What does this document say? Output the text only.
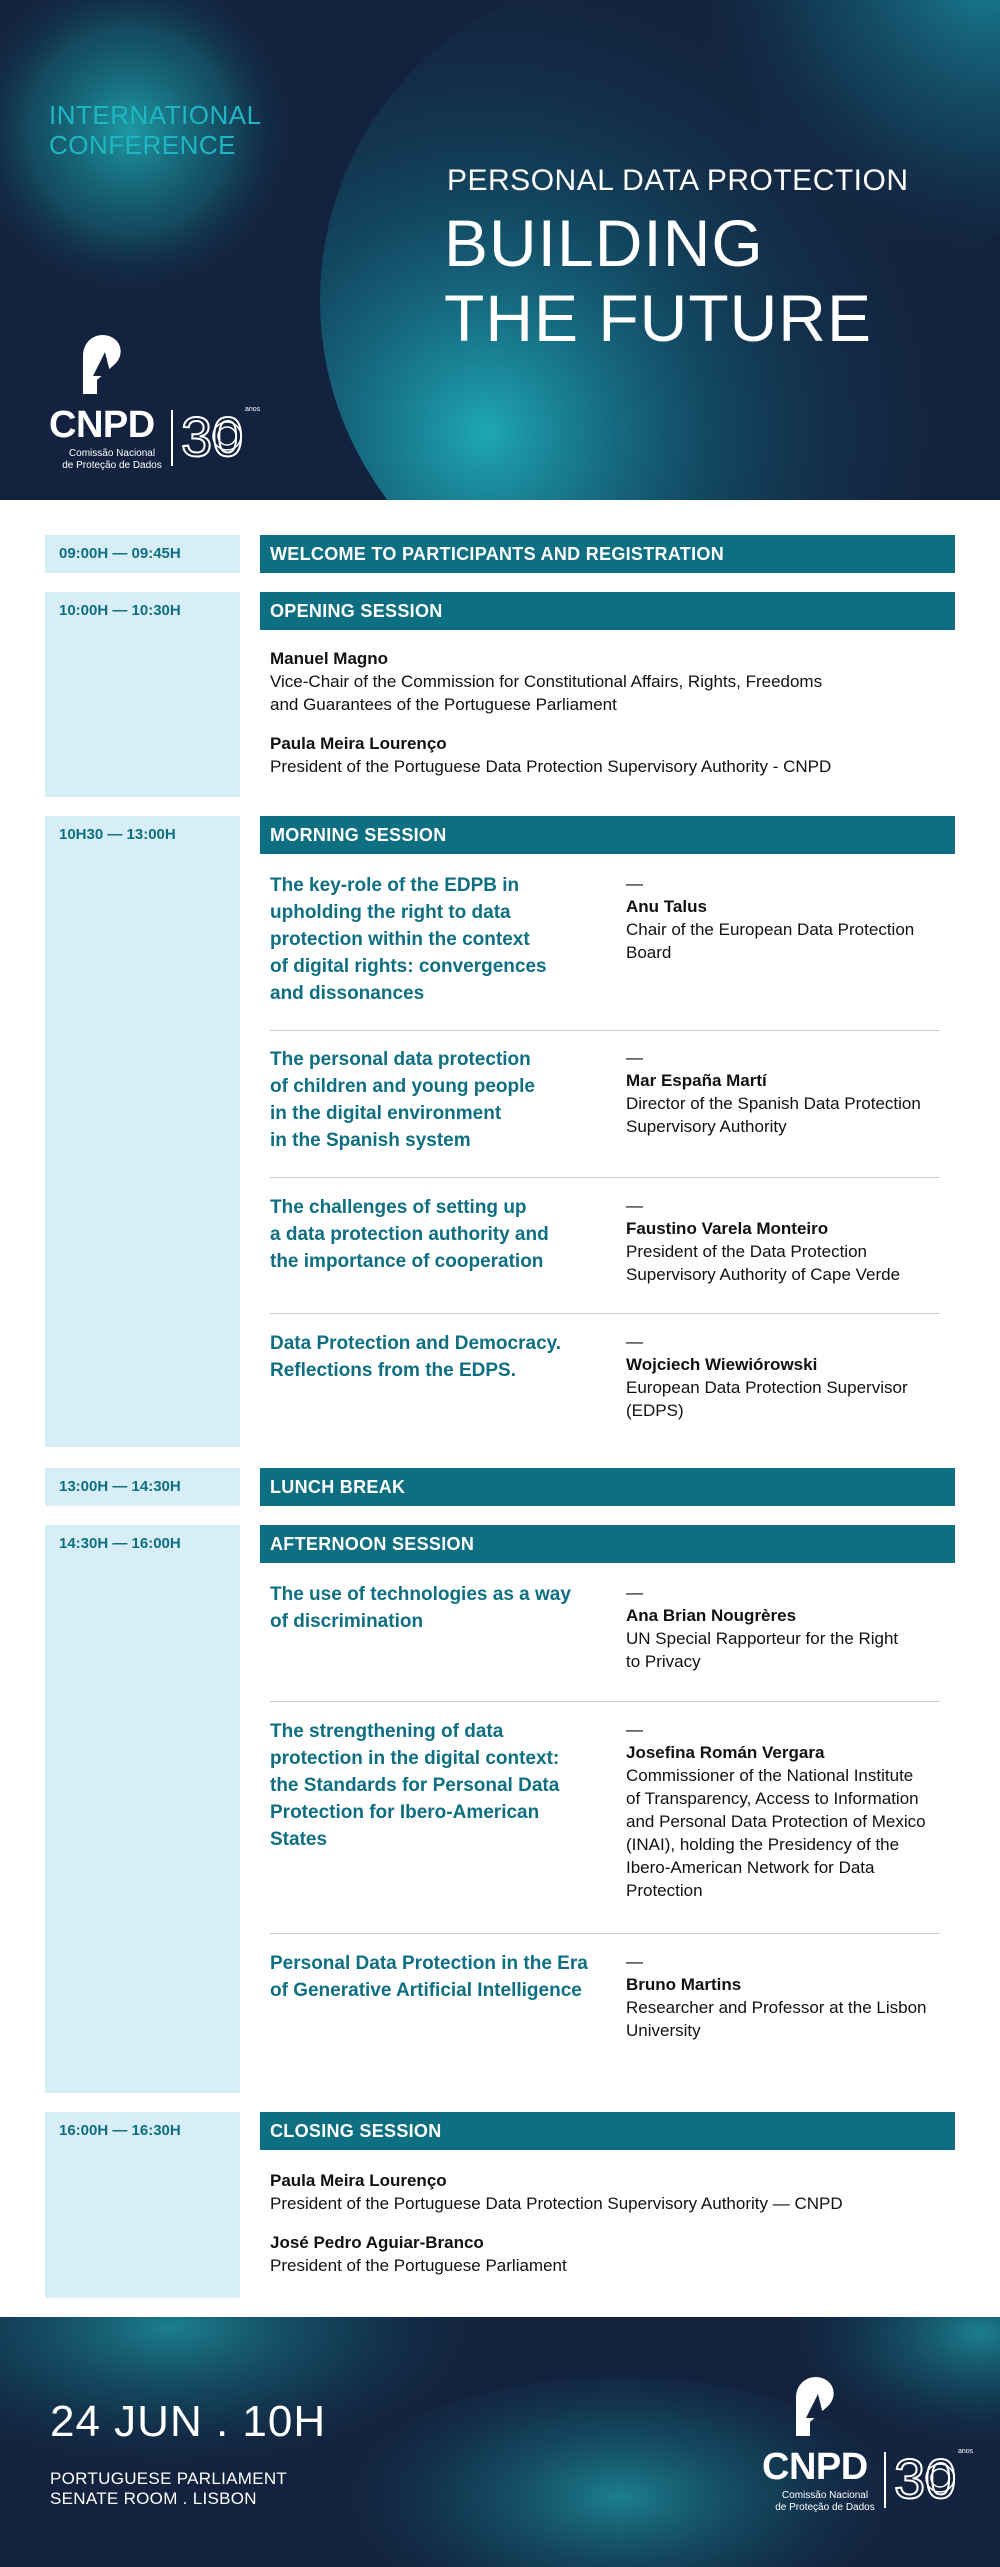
INTERNATIONAL
CONFERENCE
PERSONAL DATA PROTECTION
BUILDING
THE FUTURE
CNPD
Comissão Nacional
de Proteção de Dados 30 anos
09:00H — 09:45H	WELCOME TO PARTICIPANTS AND REGISTRATION
10:00H — 10:30H	OPENING SESSION
Manuel Magno
Vice-Chair of the Commission for Constitutional Affairs, Rights, Freedoms
and Guarantees of the Portuguese Parliament
Paula Meira Lourenço
President of the Portuguese Data Protection Supervisory Authority - CNPD
10H30 — 13:00H	MORNING SESSION
The key-role of the EDPB in
upholding the right to data
protection within the context
of digital rights: convergences
and dissonances
—
Anu Talus
Chair of the European Data Protection
Board
The personal data protection
of children and young people
in the digital environment
in the Spanish system
—
Mar España Martí
Director of the Spanish Data Protection
Supervisory Authority
The challenges of setting up
a data protection authority and
the importance of cooperation
—
Faustino Varela Monteiro
President of the Data Protection
Supervisory Authority of Cape Verde
Data Protection and Democracy.
Reflections from the EDPS.
—
Wojciech Wiewiórowski
European Data Protection Supervisor
(EDPS)
13:00H — 14:30H	LUNCH BREAK
14:30H — 16:00H	AFTERNOON SESSION
The use of technologies as a way
of discrimination
—
Ana Brian Nougrères
UN Special Rapporteur for the Right
to Privacy
The strengthening of data
protection in the digital context:
the Standards for Personal Data
Protection for Ibero-American
States
—
Josefina Román Vergara
Commissioner of the National Institute
of Transparency, Access to Information
and Personal Data Protection of Mexico
(INAI), holding the Presidency of the
Ibero-American Network for Data
Protection
Personal Data Protection in the Era
of Generative Artificial Intelligence
—
Bruno Martins
Researcher and Professor at the Lisbon
University
16:00H — 16:30H	CLOSING SESSION
Paula Meira Lourenço
President of the Portuguese Data Protection Supervisory Authority — CNPD
José Pedro Aguiar-Branco
President of the Portuguese Parliament
24 JUN . 10H
PORTUGUESE PARLIAMENT
SENATE ROOM . LISBON
CNPD
Comissão Nacional
de Proteção de Dados 30 anos
